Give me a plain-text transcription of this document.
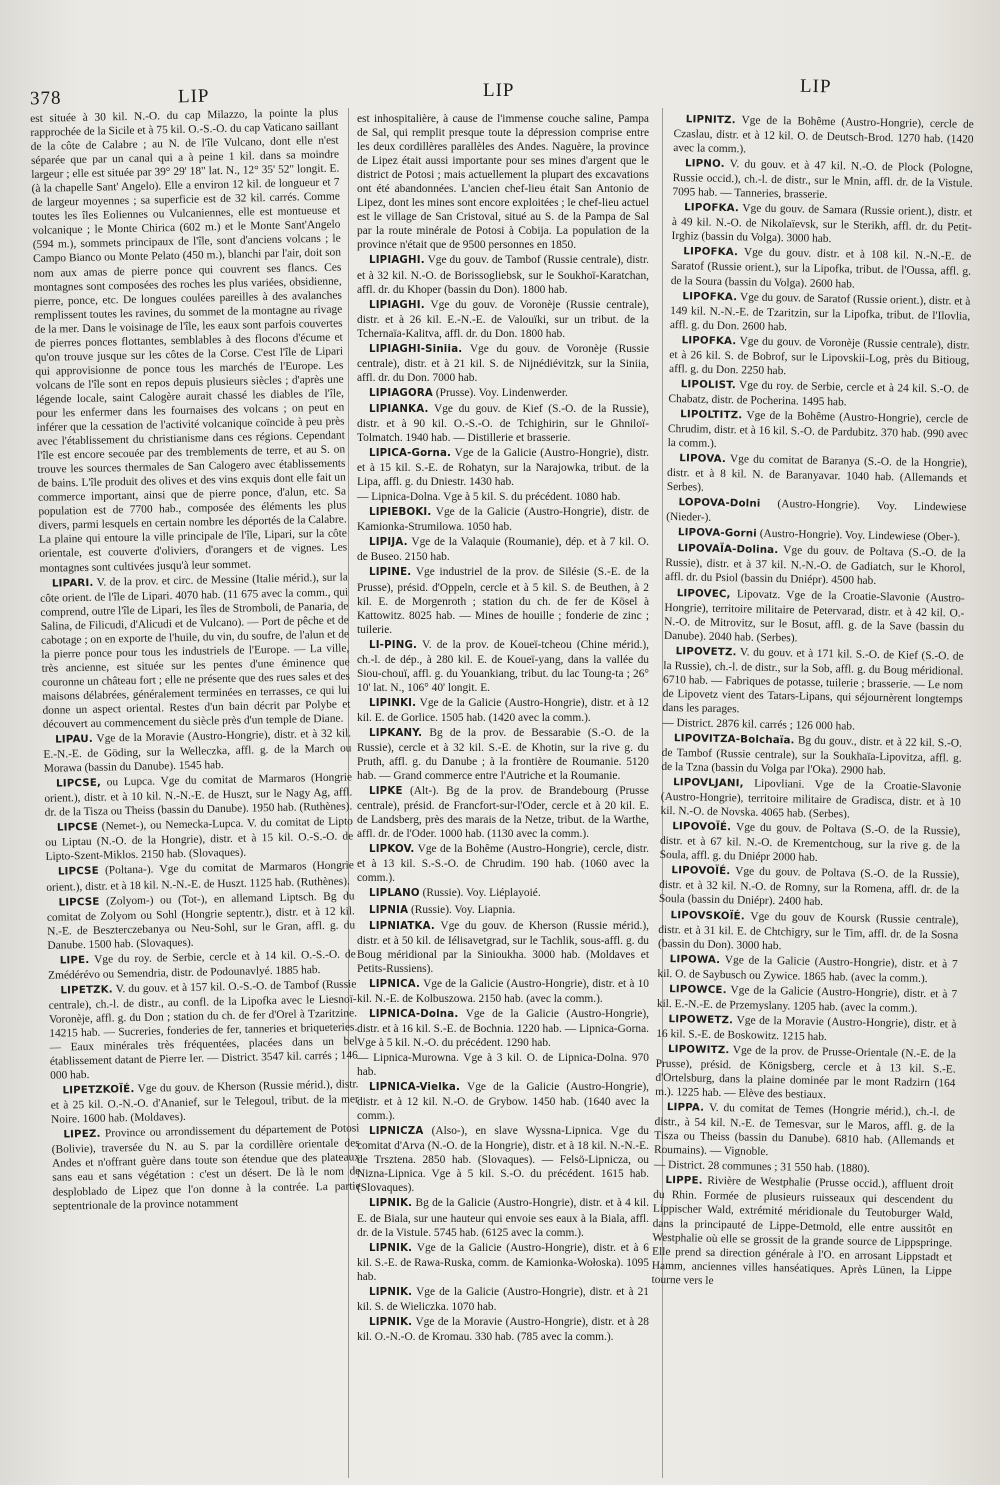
378	LIP	LIP	LIP

est située à 30 kil. N.-O. du cap Milazzo, la pointe la plus rapprochée de la Sicile et à 75 kil. O.-S.-O. du cap Vaticano saillant de la côte de Calabre ; au N. de l'île Vulcano, dont elle n'est séparée que par un canal qui a à peine 1 kil. dans sa moindre largeur ; elle est située par 39° 29' 18" lat. N., 12° 35' 52" longit. E. (à la chapelle Sant' Angelo). Elle a environ 12 kil. de longueur et 7 de largeur moyennes ; sa superficie est de 32 kil. carrés. Comme toutes les îles Eoliennes ou Vulcaniennes, elle est montueuse et volcanique ; le Monte Chirica (602 m.) et le Monte Sant'Angelo (594 m.), sommets principaux de l'île, sont d'anciens volcans ; le Campo Bianco ou Monte Pelato (450 m.), blanchi par l'air, doit son nom aux amas de pierre ponce qui couvrent ses flancs. Ces montagnes sont composées des roches les plus variées, obsidienne, pierre, ponce, etc. De longues coulées pareilles à des avalanches remplissent toutes les ravines, du sommet de la montagne au rivage de la mer. Dans le voisinage de l'île, les eaux sont parfois couvertes de pierres ponces flottantes, semblables à des flocons d'écume et qu'on trouve jusque sur les côtes de la Corse. C'est l'île de Lipari qui approvisionne de ponce tous les marchés de l'Europe. Les volcans de l'île sont en repos depuis plusieurs siècles ; d'après une légende locale, saint Calogère aurait chassé les diables de l'île, pour les enfermer dans les fournaises des volcans ; on peut en inférer que la cessation de l'activité volcanique coïncide à peu près avec l'établissement du christianisme dans ces régions. Cependant l'île est encore secouée par des tremblements de terre, et au S. on trouve les sources thermales de San Calogero avec établissements de bains. L'île produit des olives et des vins exquis dont elle fait un commerce important, ainsi que de pierre ponce, d'alun, etc. Sa population est de 7700 hab., composée des éléments les plus divers, parmi lesquels en certain nombre les déportés de la Calabre. La plaine qui entoure la ville principale de l'île, Lipari, sur la côte orientale, est couverte d'oliviers, d'orangers et de vignes. Les montagnes sont cultivées jusqu'à leur sommet.

LIPARI. V. de la prov. et circ. de Messine (Italie mérid.), sur la côte orient. de l'île de Lipari. 4070 hab. (11 675 avec la comm., qui comprend, outre l'île de Lipari, les îles de Stromboli, de Panaria, de Salina, de Filicudi, d'Alicudi et de Vulcano). — Port de pêche et de cabotage ; on en exporte de l'huile, du vin, du soufre, de l'alun et de la pierre ponce pour tous les industriels de l'Europe. — La ville, très ancienne, est située sur les pentes d'une éminence que couronne un château fort ; elle ne présente que des rues sales et des maisons délabrées, généralement terminées en terrasses, ce qui lui donne un aspect oriental. Restes d'un bain décrit par Polybe et découvert au commencement du siècle près d'un temple de Diane.

LIPAU. Vge de la Moravie (Austro-Hongrie), distr. et à 32 kil. E.-N.-E. de Göding, sur la Welleczka, affl. g. de la March ou Morawa (bassin du Danube). 1545 hab.

LIPCSE, ou Lupca. Vge du comitat de Marmaros (Hongrie orient.), distr. et à 10 kil. N.-N.-E. de Huszt, sur le Nagy Ag, affl. dr. de la Tisza ou Theiss (bassin du Danube). 1950 hab. (Ruthènes).

LIPCSE (Nemet-), ou Nemecka-Lupca. V. du comitat de Lipto ou Liptau (N.-O. de la Hongrie), distr. et à 15 kil. O.-S.-O. de Lipto-Szent-Miklos. 2150 hab. (Slovaques).

LIPCSE (Poltana-). Vge du comitat de Marmaros (Hongrie orient.), distr. et à 18 kil. N.-N.-E. de Huszt. 1125 hab. (Ruthènes).

LIPCSE (Zolyom-) ou (Tot-), en allemand Liptsch. Bg du comitat de Zolyom ou Sohl (Hongrie septentr.), distr. et à 12 kil. N.-E. de Beszterczebanya ou Neu-Sohl, sur le Gran, affl. g. du Danube. 1500 hab. (Slovaques).

LIPE. Vge du roy. de Serbie, cercle et à 14 kil. O.-S.-O. de Zmédérévo ou Semendria, distr. de Podounavlyé. 1885 hab.

LIPETZK. V. du gouv. et à 157 kil. O.-S.-O. de Tambof (Russie centrale), ch.-l. de distr., au confl. de la Lipofka avec le Liesnoï-Voronèje, affl. g. du Don ; station du ch. de fer d'Orel à Tzaritzine. 14215 hab. — Sucreries, fonderies de fer, tanneries et briqueteries. — Eaux minérales très fréquentées, placées dans un bel établissement datant de Pierre Ier. — District. 3547 kil. carrés ; 146 000 hab.

LIPETZKOÏÉ. Vge du gouv. de Kherson (Russie mérid.), distr. et à 25 kil. O.-N.-O. d'Ananief, sur le Telegoul, tribut. de la mer Noire. 1600 hab. (Moldaves).

LIPEZ. Province ou arrondissement du département de Potosi (Bolivie), traversée du N. au S. par la cordillère orientale des Andes et n'offrant guère dans toute son étendue que des plateaux sans eau et sans végétation : c'est un désert. De là le nom de desploblado de Lipez que l'on donne à la contrée. La partie septentrionale de la province notamment

est inhospitalière, à cause de l'immense couche saline, Pampa de Sal, qui remplit presque toute la dépression comprise entre les deux cordillères parallèles des Andes. Naguère, la province de Lipez était aussi importante pour ses mines d'argent que le district de Potosi ; mais actuellement la plupart des excavations ont été abandonnées. L'ancien chef-lieu était San Antonio de Lipez, dont les mines sont encore exploitées ; le chef-lieu actuel est le village de San Cristoval, situé au S. de la Pampa de Sal par la route minérale de Potosi à Cobija. La population de la province n'était que de 9500 personnes en 1850.

LIPIAGHI. Vge du gouv. de Tambof (Russie centrale), distr. et à 32 kil. N.-O. de Borissogliebsk, sur le Soukhoï-Karatchan, affl. dr. du Khoper (bassin du Don). 1800 hab.

LIPIAGHI. Vge du gouv. de Voronèje (Russie centrale), distr. et à 26 kil. E.-N.-E. de Valouïki, sur un tribut. de la Tchernaïa-Kalitva, affl. dr. du Don. 1800 hab.

LIPIAGHI-Siniia. Vge du gouv. de Voronèje (Russie centrale), distr. et à 21 kil. S. de Nijnédiévitzk, sur la Siniia, affl. dr. du Don. 7000 hab.

LIPIAGORA (Prusse). Voy. Lindenwerder.

LIPIANKA. Vge du gouv. de Kief (S.-O. de la Russie), distr. et à 90 kil. O.-S.-O. de Tchighirin, sur le Ghniloï-Tolmatch. 1940 hab. — Distillerie et brasserie.

LIPICA-Gorna. Vge de la Galicie (Austro-Hongrie), distr. et à 15 kil. S.-E. de Rohatyn, sur la Narajowka, tribut. de la Lipa, affl. g. du Dniestr. 1430 hab.

— Lipnica-Dolna. Vge à 5 kil. S. du précédent. 1080 hab.

LIPIEBOKI. Vge de la Galicie (Austro-Hongrie), distr. de Kamionka-Strumilowa. 1050 hab.

LIPIJA. Vge de la Valaquie (Roumanie), dép. et à 7 kil. O. de Buseo. 2150 hab.

LIPINE. Vge industriel de la prov. de Silésie (S.-E. de la Prusse), présid. d'Oppeln, cercle et à 5 kil. S. de Beuthen, à 2 kil. E. de Morgenroth ; station du ch. de fer de Kösel à Kattowitz. 8025 hab. — Mines de houille ; fonderie de zinc ; tuilerie.

LI-PING. V. de la prov. de Koueï-tcheou (Chine mérid.), ch.-l. de dép., à 280 kil. E. de Koueï-yang, dans la vallée du Siou-chouï, affl. g. du Youankiang, tribut. du lac Toung-ta ; 26° 10' lat. N., 106° 40' longit. E.

LIPINKI. Vge de la Galicie (Austro-Hongrie), distr. et à 12 kil. E. de Gorlice. 1505 hab. (1420 avec la comm.).

LIPKANY. Bg de la prov. de Bessarabie (S.-O. de la Russie), cercle et à 32 kil. S.-E. de Khotin, sur la rive g. du Pruth, affl. g. du Danube ; à la frontière de Roumanie. 5120 hab. — Grand commerce entre l'Autriche et la Roumanie.

LIPKE (Alt-). Bg de la prov. de Brandebourg (Prusse centrale), présid. de Francfort-sur-l'Oder, cercle et à 20 kil. E. de Landsberg, près des marais de la Netze, tribut. de la Warthe, affl. dr. de l'Oder. 1000 hab. (1130 avec la comm.).

LIPKOV. Vge de la Bohême (Austro-Hongrie), cercle, distr. et à 13 kil. S.-S.-O. de Chrudim. 190 hab. (1060 avec la comm.).

LIPLANO (Russie). Voy. Liéplayoié.

LIPNIA (Russie). Voy. Liapnia.

LIPNIATKA. Vge du gouv. de Kherson (Russie mérid.), distr. et à 50 kil. de Iélisavetgrad, sur le Tachlik, sous-affl. g. du Boug méridional par la Sinioukha. 3000 hab. (Moldaves et Petits-Russiens).

LIPNICA. Vge de la Galicie (Austro-Hongrie), distr. et à 10 kil. N.-E. de Kolbuszowa. 2150 hab. (avec la comm.).

LIPNICA-Dolna. Vge de la Galicie (Austro-Hongrie), distr. et à 16 kil. S.-E. de Bochnia. 1220 hab. — Lipnica-Gorna. Vge à 5 kil. N.-O. du précédent. 1290 hab.

— Lipnica-Murowna. Vge à 3 kil. O. de Lipnica-Dolna. 970 hab.

LIPNICA-Vielka. Vge de la Galicie (Austro-Hongrie), distr. et à 12 kil. N.-O. de Grybow. 1450 hab. (1640 avec la comm.).

LIPNICZA (Also-), en slave Wyssna-Lipnica. Vge du comitat d'Arva (N.-O. de la Hongrie), distr. et à 18 kil. N.-N.-E. de Trsztena. 2850 hab. (Slovaques). — Felsö-Lipnicza, ou Nizna-Lipnica. Vge à 5 kil. S.-O. du précédent. 1615 hab. (Slovaques).

LIPNIK. Bg de la Galicie (Austro-Hongrie), distr. et à 4 kil. E. de Biala, sur une hauteur qui envoie ses eaux à la Biala, affl. dr. de la Vistule. 5745 hab. (6125 avec la comm.).

LIPNIK. Vge de la Galicie (Austro-Hongrie), distr. et à 6 kil. S.-E. de Rawa-Ruska, comm. de Kamionka-Wołoska). 1095 hab.

LIPNIK. Vge de la Galicie (Austro-Hongrie), distr. et à 21 kil. S. de Wieliczka. 1070 hab.

LIPNIK. Vge de la Moravie (Austro-Hongrie), distr. et à 28 kil. O.-N.-O. de Kromau. 330 hab. (785 avec la comm.).

LIPNITZ. Vge de la Bohême (Austro-Hongrie), cercle de Czaslau, distr. et à 12 kil. O. de Deutsch-Brod. 1270 hab. (1420 avec la comm.).

LIPNO. V. du gouv. et à 47 kil. N.-O. de Plock (Pologne, Russie occid.), ch.-l. de distr., sur le Mnin, affl. dr. de la Vistule. 7095 hab. — Tanneries, brasserie.

LIPOFKA. Vge du gouv. de Samara (Russie orient.), distr. et à 49 kil. N.-O. de Nikolaïevsk, sur le Sterikh, affl. dr. du Petit-Irghiz (bassin du Volga). 3000 hab.

LIPOFKA. Vge du gouv. distr. et à 108 kil. N.-N.-E. de Saratof (Russie orient.), sur la Lipofka, tribut. de l'Oussa, affl. g. de la Soura (bassin du Volga). 2600 hab.

LIPOFKA. Vge du gouv. de Saratof (Russie orient.), distr. et à 149 kil. N.-N.-E. de Tzaritzin, sur la Lipofka, tribut. de l'Ilovlia, affl. g. du Don. 2600 hab.

LIPOFKA. Vge du gouv. de Voronèje (Russie centrale), distr. et à 26 kil. S. de Bobrof, sur le Lipovskii-Log, près du Bitioug, affl. g. du Don. 2250 hab.

LIPOLIST. Vge du roy. de Serbie, cercle et à 24 kil. S.-O. de Chabatz, distr. de Pocherina. 1495 hab.

LIPOLTITZ. Vge de la Bohême (Austro-Hongrie), cercle de Chrudim, distr. et à 16 kil. S.-O. de Pardubitz. 370 hab. (990 avec la comm.).

LIPOVA. Vge du comitat de Baranya (S.-O. de la Hongrie), distr. et à 8 kil. N. de Baranyavar. 1040 hab. (Allemands et Serbes).

LOPOVA-Dolni (Austro-Hongrie). Voy. Lindewiese (Nieder-).

LIPOVA-Gorni (Austro-Hongrie). Voy. Lindewiese (Ober-).

LIPOVAÏA-Dolina. Vge du gouv. de Poltava (S.-O. de la Russie), distr. et à 37 kil. N.-N.-O. de Gadiatch, sur le Khorol, affl. dr. du Psiol (bassin du Dniépr). 4500 hab.

LIPOVEC, Lipovatz. Vge de la Croatie-Slavonie (Austro-Hongrie), territoire militaire de Petervarad, distr. et à 42 kil. O.-N.-O. de Mitrovitz, sur le Bosut, affl. g. de la Save (bassin du Danube). 2040 hab. (Serbes).

LIPOVETZ. V. du gouv. et à 171 kil. S.-O. de Kief (S.-O. de la Russie), ch.-l. de distr., sur la Sob, affl. g. du Boug méridional. 6710 hab. — Fabriques de potasse, tuilerie ; brasserie. — Le nom de Lipovetz vient des Tatars-Lipans, qui séjournèrent longtemps dans les parages.

— District. 2876 kil. carrés ; 126 000 hab.

LIPOVITZA-Bolchaïa. Bg du gouv., distr. et à 22 kil. S.-O. de Tambof (Russie centrale), sur la Soukhaïa-Lipovitza, affl. g. de la Tzna (bassin du Volga par l'Oka). 2900 hab.

LIPOVLJANI, Lipovliani. Vge de la Croatie-Slavonie (Austro-Hongrie), territoire militaire de Gradisca, distr. et à 10 kil. N.-O. de Novska. 4065 hab. (Serbes).

LIPOVOÏÉ. Vge du gouv. de Poltava (S.-O. de la Russie), distr. et à 67 kil. N.-O. de Krementchoug, sur la rive g. de la Soula, affl. g. du Dniépr 2000 hab.

LIPOVOÏÉ. Vge du gouv. de Poltava (S.-O. de la Russie), distr. et à 32 kil. N.-O. de Romny, sur la Romena, affl. dr. de la Soula (bassin du Dniépr). 2400 hab.

LIPOVSKOÏÉ. Vge du gouv de Koursk (Russie centrale), distr. et à 31 kil. E. de Chtchigry, sur le Tim, affl. dr. de la Sosna (bassin du Don). 3000 hab.

LIPOWA. Vge de la Galicie (Austro-Hongrie), distr. et à 7 kil. O. de Saybusch ou Zywice. 1865 hab. (avec la comm.).

LIPOWCE. Vge de la Galicie (Austro-Hongrie), distr. et à 7 kil. E.-N.-E. de Przemyslany. 1205 hab. (avec la comm.).

LIPOWETZ. Vge de la Moravie (Austro-Hongrie), distr. et à 16 kil. S.-E. de Boskowitz. 1215 hab.

LIPOWITZ. Vge de la prov. de Prusse-Orientale (N.-E. de la Prusse), présid. de Königsberg, cercle et à 13 kil. S.-E. d'Ortelsburg, dans la plaine dominée par le mont Radzirn (164 m.). 1225 hab. — Elève des bestiaux.

LIPPA. V. du comitat de Temes (Hongrie mérid.), ch.-l. de distr., à 54 kil. N.-E. de Temesvar, sur le Maros, affl. g. de la Tisza ou Theiss (bassin du Danube). 6810 hab. (Allemands et Roumains). — Vignoble.

— District. 28 communes ; 31 550 hab. (1880).

LIPPE. Rivière de Westphalie (Prusse occid.), affluent droit du Rhin. Formée de plusieurs ruisseaux qui descendent du Lippischer Wald, extrémité méridionale du Teutoburger Wald, dans la principauté de Lippe-Detmold, elle entre aussitôt en Westphalie où elle se grossit de la grande source de Lippspringe. Elle prend sa direction générale à l'O. en arrosant Lippstadt et Hamm, anciennes villes hanséatiques. Après Lünen, la Lippe tourne vers le
